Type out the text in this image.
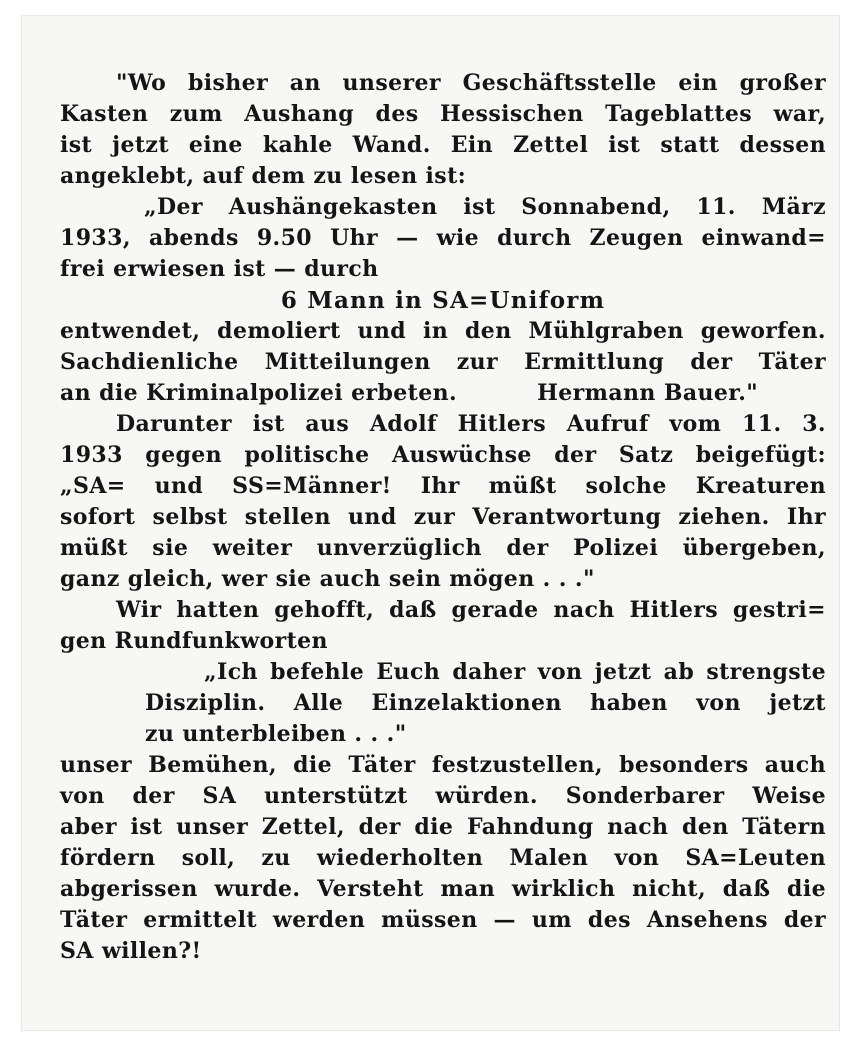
"Wo bisher an unserer Geschäftsstelle ein großer
Kasten zum Aushang des Hessischen Tageblattes war,
ist jetzt eine kahle Wand. Ein Zettel ist statt dessen
angeklebt, auf dem zu lesen ist:
„Der Aushängekasten ist Sonnabend, 11. März
1933, abends 9.50 Uhr — wie durch Zeugen einwand=
frei erwiesen ist — durch
6 Mann in SA=Uniform
entwendet, demoliert und in den Mühlgraben geworfen.
Sachdienliche Mitteilungen zur Ermittlung der Täter
an die Kriminalpolizei erbeten.	Hermann Bauer."
Darunter ist aus Adolf Hitlers Aufruf vom 11. 3.
1933 gegen politische Auswüchse der Satz beigefügt:
„SA= und SS=Männer! Ihr müßt solche Kreaturen
sofort selbst stellen und zur Verantwortung ziehen. Ihr
müßt sie weiter unverzüglich der Polizei übergeben,
ganz gleich, wer sie auch sein mögen . . ."
Wir hatten gehofft, daß gerade nach Hitlers gestri=
gen Rundfunkworten
„Ich befehle Euch daher von jetzt ab strengste
Disziplin. Alle Einzelaktionen haben von jetzt
zu unterbleiben . . ."
unser Bemühen, die Täter festzustellen, besonders auch
von der SA unterstützt würden. Sonderbarer Weise
aber ist unser Zettel, der die Fahndung nach den Tätern
fördern soll, zu wiederholten Malen von SA=Leuten
abgerissen wurde. Versteht man wirklich nicht, daß die
Täter ermittelt werden müssen — um des Ansehens der
SA willen?!
